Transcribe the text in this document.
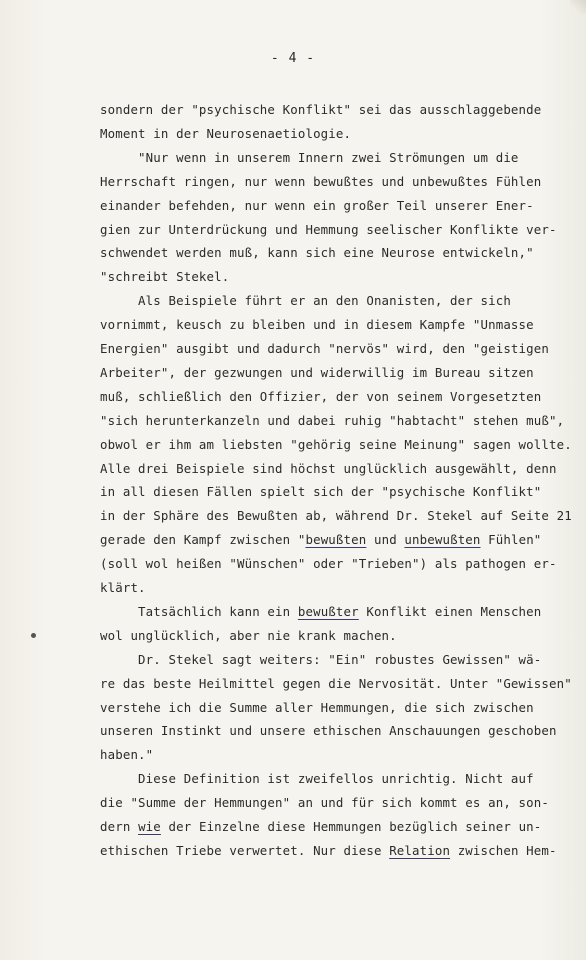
- 4 -
sondern der "psychische Konflikt" sei das ausschlaggebende
Moment in der Neurosenaetiologie.
"Nur wenn in unserem Innern zwei Strömungen um die
Herrschaft ringen, nur wenn bewußtes und unbewußtes Fühlen
einander befehden, nur wenn ein großer Teil unserer Ener-
gien zur Unterdrückung und Hemmung seelischer Konflikte ver-
schwendet werden muß, kann sich eine Neurose entwickeln,"
"schreibt Stekel.
Als Beispiele führt er an den Onanisten, der sich
vornimmt, keusch zu bleiben und in diesem Kampfe "Unmasse
Energien" ausgibt und dadurch "nervös" wird, den "geistigen
Arbeiter", der gezwungen und widerwillig im Bureau sitzen
muß, schließlich den Offizier, der von seinem Vorgesetzten
"sich herunterkanzeln und dabei ruhig "habtacht" stehen muß",
obwol er ihm am liebsten "gehörig seine Meinung" sagen wollte.
Alle drei Beispiele sind höchst unglücklich ausgewählt, denn
in all diesen Fällen spielt sich der "psychische Konflikt"
in der Sphäre des Bewußten ab, während Dr. Stekel auf Seite 21
gerade den Kampf zwischen "bewußten und unbewußten Fühlen"
(soll wol heißen "Wünschen" oder "Trieben") als pathogen er-
klärt.
Tatsächlich kann ein bewußter Konflikt einen Menschen
wol unglücklich, aber nie krank machen.
Dr. Stekel sagt weiters: "Ein" robustes Gewissen" wä-
re das beste Heilmittel gegen die Nervosität. Unter "Gewissen"
verstehe ich die Summe aller Hemmungen, die sich zwischen
unseren Instinkt und unsere ethischen Anschauungen geschoben
haben."
Diese Definition ist zweifellos unrichtig. Nicht auf
die "Summe der Hemmungen" an und für sich kommt es an, son-
dern wie der Einzelne diese Hemmungen bezüglich seiner un-
ethischen Triebe verwertet. Nur diese Relation zwischen Hem-
